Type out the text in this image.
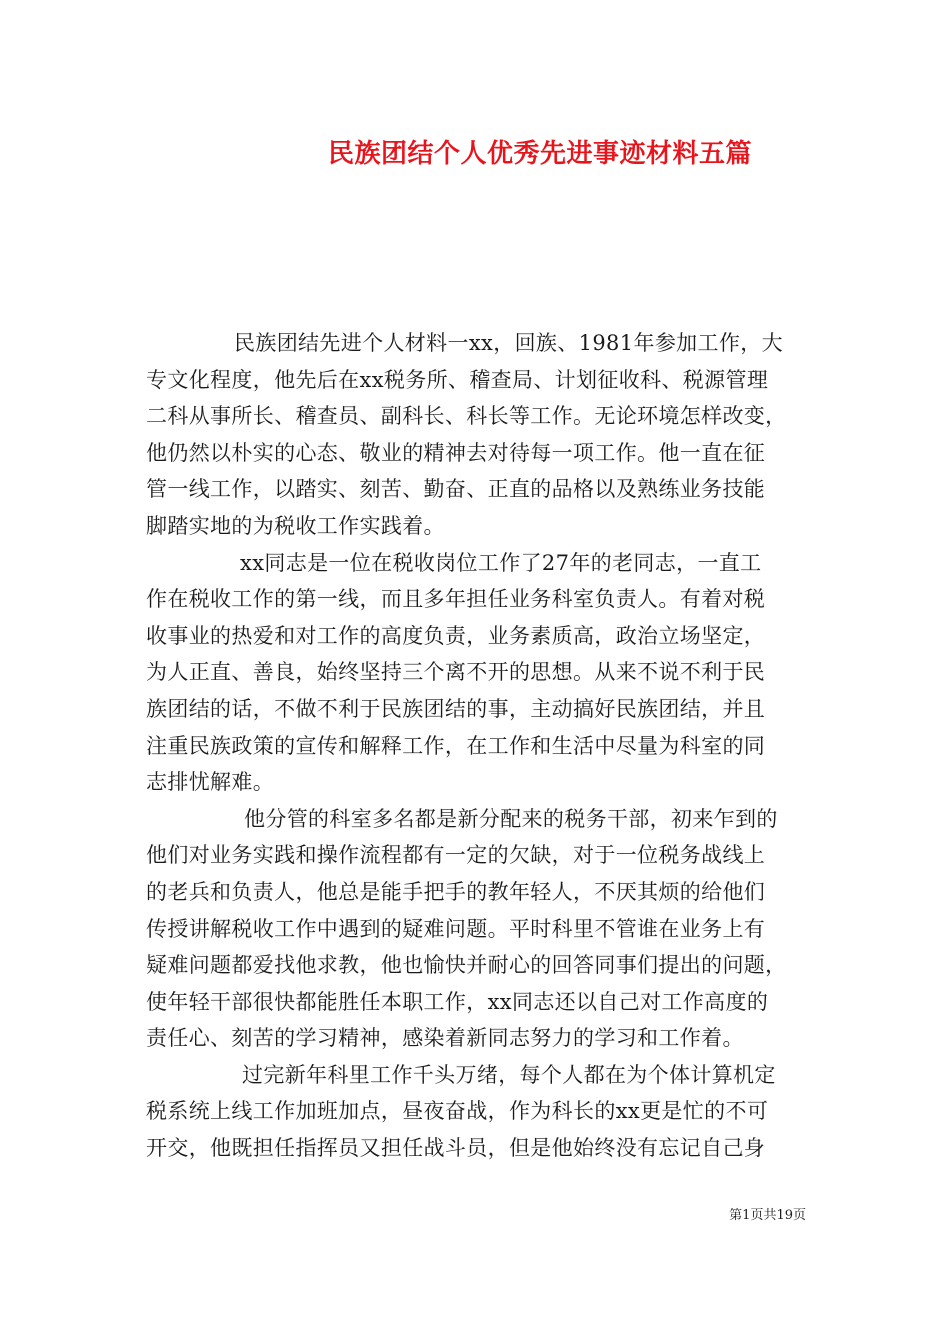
民族团结个人优秀先进事迹材料五篇
民族团结先进个人材料一xx，回族、1981年参加工作，大
专文化程度，他先后在xx税务所、稽查局、计划征收科、税源管理
二科从事所长、稽查员、副科长、科长等工作。无论环境怎样改变，
他仍然以朴实的心态、敬业的精神去对待每一项工作。他一直在征
管一线工作，以踏实、刻苦、勤奋、正直的品格以及熟练业务技能
脚踏实地的为税收工作实践着。
xx同志是一位在税收岗位工作了27年的老同志，一直工
作在税收工作的第一线，而且多年担任业务科室负责人。有着对税
收事业的热爱和对工作的高度负责，业务素质高，政治立场坚定，
为人正直、善良，始终坚持三个离不开的思想。从来不说不利于民
族团结的话，不做不利于民族团结的事，主动搞好民族团结，并且
注重民族政策的宣传和解释工作，在工作和生活中尽量为科室的同
志排忧解难。
他分管的科室多名都是新分配来的税务干部，初来乍到的
他们对业务实践和操作流程都有一定的欠缺，对于一位税务战线上
的老兵和负责人，他总是能手把手的教年轻人，不厌其烦的给他们
传授讲解税收工作中遇到的疑难问题。平时科里不管谁在业务上有
疑难问题都爱找他求教，他也愉快并耐心的回答同事们提出的问题，
使年轻干部很快都能胜任本职工作，xx同志还以自己对工作高度的
责任心、刻苦的学习精神，感染着新同志努力的学习和工作着。
过完新年科里工作千头万绪，每个人都在为个体计算机定
税系统上线工作加班加点，昼夜奋战，作为科长的xx更是忙的不可
开交，他既担任指挥员又担任战斗员，但是他始终没有忘记自己身
第1页共19页
